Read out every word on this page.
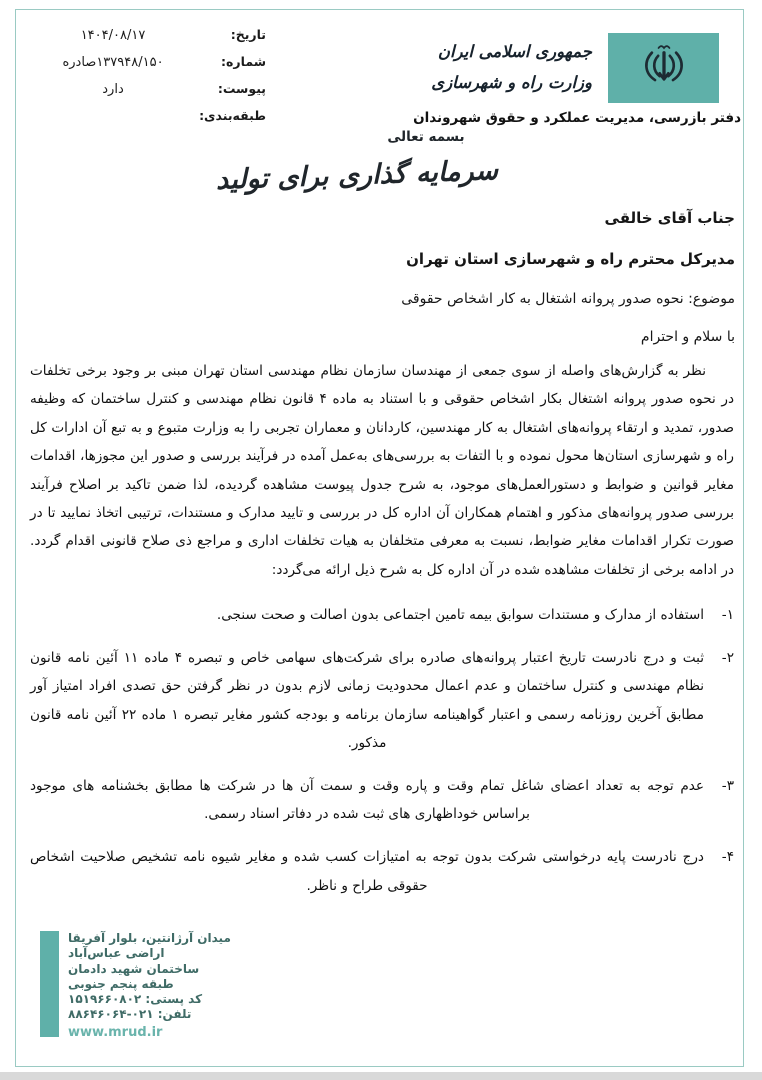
تاریخ:
۱۴۰۴/۰۸/۱۷
شماره:
۱۳۷۹۴۸/۱۵۰صادره
پیوست:
دارد
طبقه‌بندی:
جمهوری اسلامی ایران
وزارت راه و شهرسازی
دفتر بازرسی، مدیریت عملکرد و حقوق شهروندان
بسمه تعالی
سرمایه گذاری برای تولید
جناب آقای خالقی
مدیرکل محترم راه و شهرسازی استان تهران
موضوع: نحوه صدور پروانه اشتغال به کار اشخاص حقوقی
با سلام و احترام

نظر به گزارش‌های واصله از سوی جمعی از مهندسان سازمان نظام مهندسی استان تهران مبنی بر وجود برخی تخلفات در نحوه صدور پروانه اشتغال بکار اشخاص حقوقی و با استناد به ماده ۴ قانون نظام مهندسی و کنترل ساختمان که وظیفه صدور، تمدید و ارتقاء پروانه‌های اشتغال به کار مهندسین، کاردانان و معماران تجربی را به وزارت متبوع و به تبع آن ادارات کل راه و شهرسازی استان‌ها محول نموده و با التفات به بررسی‌های به‌عمل آمده در فرآیند بررسی و صدور این مجوزها، اقدامات مغایر قوانین و ضوابط و دستورالعمل‌های موجود، به شرح جدول پیوست مشاهده گردیده، لذا ضمن تاکید بر اصلاح فرآیند بررسی صدور پروانه‌های مذکور و اهتمام همکاران آن اداره کل در بررسی و تایید مدارک و مستندات، ترتیبی اتخاذ نمایید تا در صورت تکرار اقدامات مغایر ضوابط، نسبت به معرفی متخلفان به هیات تخلفات اداری و مراجع ذی صلاح قانونی اقدام گردد. در ادامه برخی از تخلفات مشاهده شده در آن اداره کل به شرح ذیل ارائه می‌گردد:

۱-
استفاده از مدارک و مستندات سوابق بیمه تامین اجتماعی بدون اصالت و صحت سنجی.
۲-
ثبت و درج نادرست تاریخ اعتبار پروانه‌های صادره برای شرکت‌های سهامی خاص و تبصره ۴ ماده ۱۱ آئین نامه قانون نظام مهندسی و کنترل ساختمان و عدم اعمال محدودیت زمانی لازم بدون در نظر گرفتن حق تصدی افراد امتیاز آور مطابق آخرین روزنامه رسمی و اعتبار گواهینامه سازمان برنامه و بودجه کشور مغایر تبصره ۱ ماده ۲۲ آئین نامه قانون مذکور.
۳-
عدم توجه به تعداد اعضای شاغل تمام وقت و پاره وقت و سمت آن ها در شرکت ها مطابق بخشنامه های موجود براساس خوداظهاری های ثبت شده در دفاتر اسناد رسمی.
۴-
درج نادرست پایه درخواستی شرکت بدون توجه به امتیازات کسب شده و مغایر شیوه نامه تشخیص صلاحیت اشخاص حقوقی طراح و ناظر.
میدان آرژانتین، بلوار آفریقا
اراضی عباس‌آباد
ساختمان شهید دادمان
طبقه پنجم جنوبی
کد پستی: ۱۵۱۹۶۶۰۸۰۲
تلفن: ۰۲۱-۸۸۶۴۶۰۶۴
www.mrud.ir
